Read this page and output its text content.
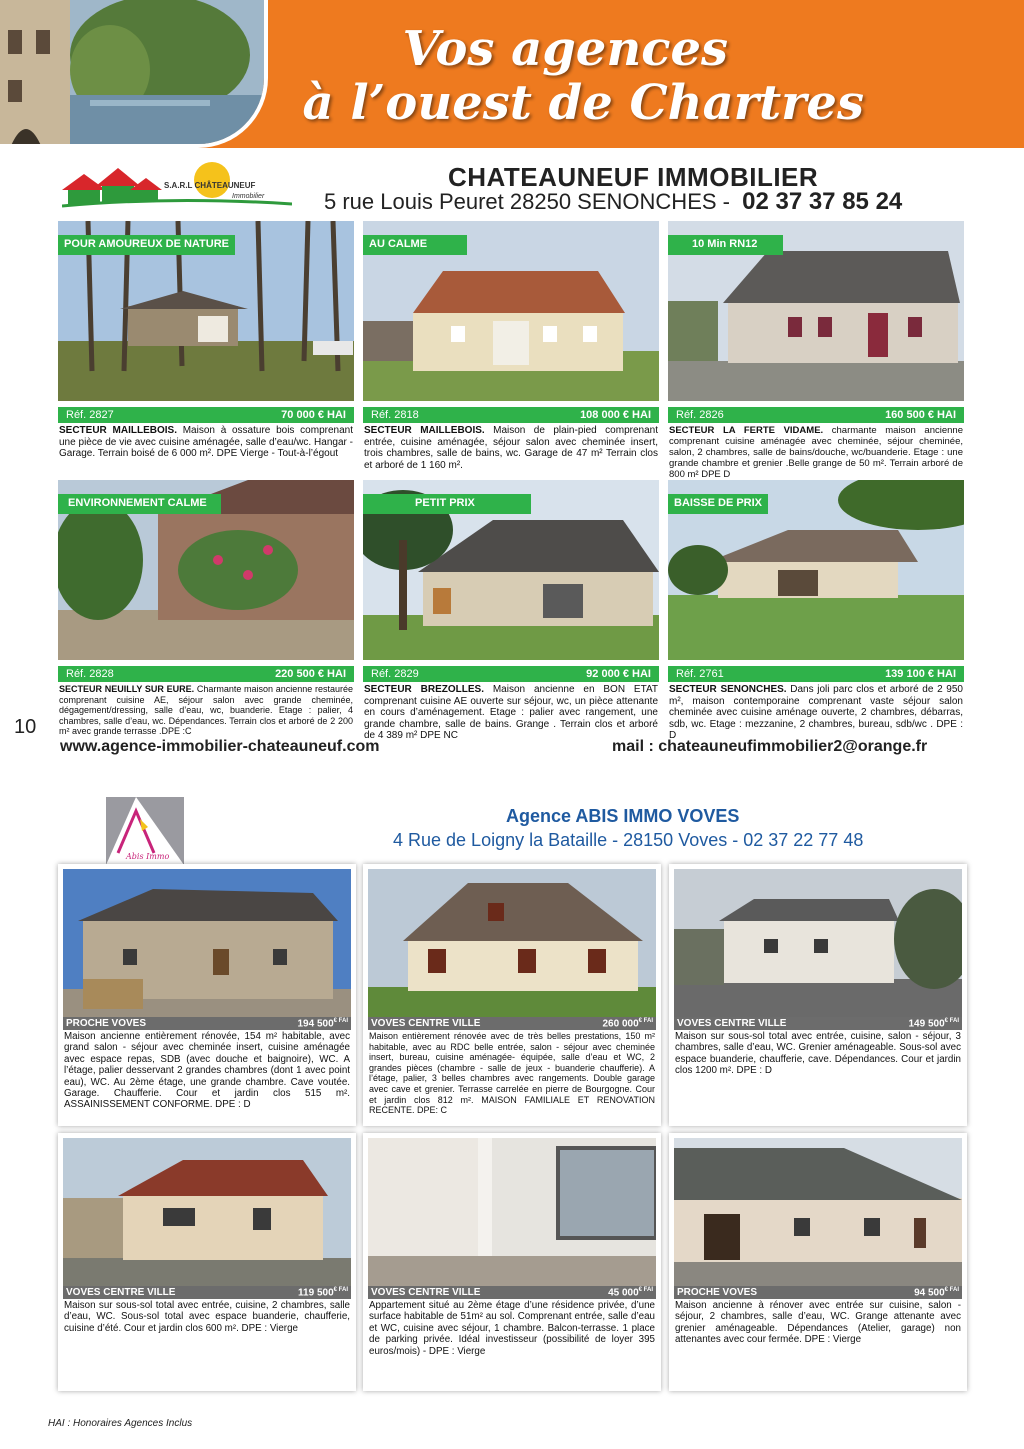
Vos agences

à l’ouest de Chartres
S.A.R.L CHÂTEAUNEUF
Immobilier
CHATEAUNEUF IMMOBILIER
5 rue Louis Peuret 28250 SENONCHES - 02 37 37 85 24
POUR AMOUREUX DE NATURE
Réf. 2827	70 000 € HAI
SECTEUR MAILLEBOIS. Maison à ossature bois comprenant une pièce de vie avec cuisine aménagée, salle d’eau/wc. Hangar - Garage. Terrain boisé de 6 000 m². DPE Vierge - Tout-à-l’égout
AU CALME
Réf. 2818	108 000 € HAI
SECTEUR MAILLEBOIS. Maison de plain-pied comprenant entrée, cuisine aménagée, séjour salon avec cheminée insert, trois chambres, salle de bains, wc. Garage de 47 m² Terrain clos et arboré de 1 160 m².
10 Min RN12
Réf. 2826	160 500 € HAI
SECTEUR LA FERTE VIDAME. charmante maison ancienne comprenant cuisine aménagée avec cheminée, séjour cheminée, salon, 2 chambres, salle de bains/douche, wc/buanderie. Etage : une grande chambre et grenier .Belle grange de 50 m². Terrain arboré de 800 m² DPE D
ENVIRONNEMENT CALME
Réf. 2828	220 500 € HAI
SECTEUR NEUILLY SUR EURE. Charmante maison ancienne restaurée comprenant cuisine AE, séjour salon avec grande cheminée, dégagement/dressing, salle d’eau, wc, buanderie. Etage : palier, 4 chambres, salle d’eau, wc. Dépendances. Terrain clos et arboré de 2 200 m² avec grande terrasse .DPE :C
PETIT PRIX
Réf. 2829	92 000 € HAI
SECTEUR BREZOLLES. Maison ancienne en BON ETAT comprenant cuisine AE ouverte sur séjour, wc, un pièce attenante en cours d’aménagement. Etage : palier avec rangement, une grande chambre, salle de bains. Grange . Terrain clos et arboré de 4 389 m² DPE NC
BAISSE DE PRIX
Réf. 2761	139 100 € HAI
SECTEUR SENONCHES. Dans joli parc clos et arboré de 2 950 m², maison contemporaine comprenant vaste séjour salon cheminée avec cuisine aménage ouverte, 2 chambres, débarras, sdb, wc. Etage : mezzanine, 2 chambres, bureau, sdb/wc . DPE : D
10
www.agence-immobilier-chateauneuf.com	mail : chateauneufimmobilier2@orange.fr
Abis Immo
Agence ABIS IMMO VOVES
4 Rue de Loigny la Bataille - 28150 Voves - 02 37 22 77 48
PROCHE VOVES	194 $500^{€ FAI}$
Maison ancienne entièrement rénovée, 154 m² habitable, avec grand salon - séjour avec cheminée insert, cuisine aménagée avec espace repas, SDB (avec douche et baignoire), WC. A l’étage, palier desservant 2 grandes chambres (dont 1 avec point eau), WC. Au 2ème étage, une grande chambre. Cave voutée. Garage. Chaufferie. Cour et jardin clos 515 m². ASSAINISSEMENT CONFORME. DPE : D
VOVES CENTRE VILLE	260 $000^{€ FAI}$
Maison entièrement rénovée avec de très belles prestations, 150 m² habitable, avec au RDC belle entrée, salon - séjour avec cheminée insert, bureau, cuisine aménagée- équipée, salle d’eau et WC, 2 grandes pièces (chambre - salle de jeux - buanderie chaufferie). A l’étage, palier, 3 belles chambres avec rangements. Double garage avec cave et grenier. Terrasse carrelée en pierre de Bourgogne. Cour et jardin clos 812 m². MAISON FAMILIALE ET RENOVATION RECENTE. DPE: C
VOVES CENTRE VILLE	149 $500^{€ FAI}$
Maison sur sous-sol total avec entrée, cuisine, salon - séjour, 3 chambres, salle d’eau, WC. Grenier aménageable. Sous-sol avec espace buanderie, chaufferie, cave. Dépendances. Cour et jardin clos 1200 m². DPE : D
VOVES CENTRE VILLE	119 $500^{€ FAI}$
Maison sur sous-sol total avec entrée, cuisine, 2 chambres, salle d’eau, WC. Sous-sol total avec espace buanderie, chaufferie, cuisine d’été. Cour et jardin clos 600 m². DPE : Vierge
VOVES CENTRE VILLE	45 $000^{€ FAI}$
Appartement situé au 2ème étage d’une résidence privée, d’une surface habitable de 51m² au sol. Comprenant entrée, salle d’eau et WC, cuisine avec séjour, 1 chambre. Balcon-terrasse. 1 place de parking privée. Idéal investisseur (possibilité de loyer 395 euros/mois) - DPE : Vierge
PROCHE VOVES	94 $500^{€ FAI}$
Maison ancienne à rénover avec entrée sur cuisine, salon - séjour, 2 chambres, salle d’eau, WC. Grange attenante avec grenier aménageable. Dépendances (Atelier, garage) non attenantes avec cour fermée. DPE : Vierge
HAI : Honoraires Agences Inclus
